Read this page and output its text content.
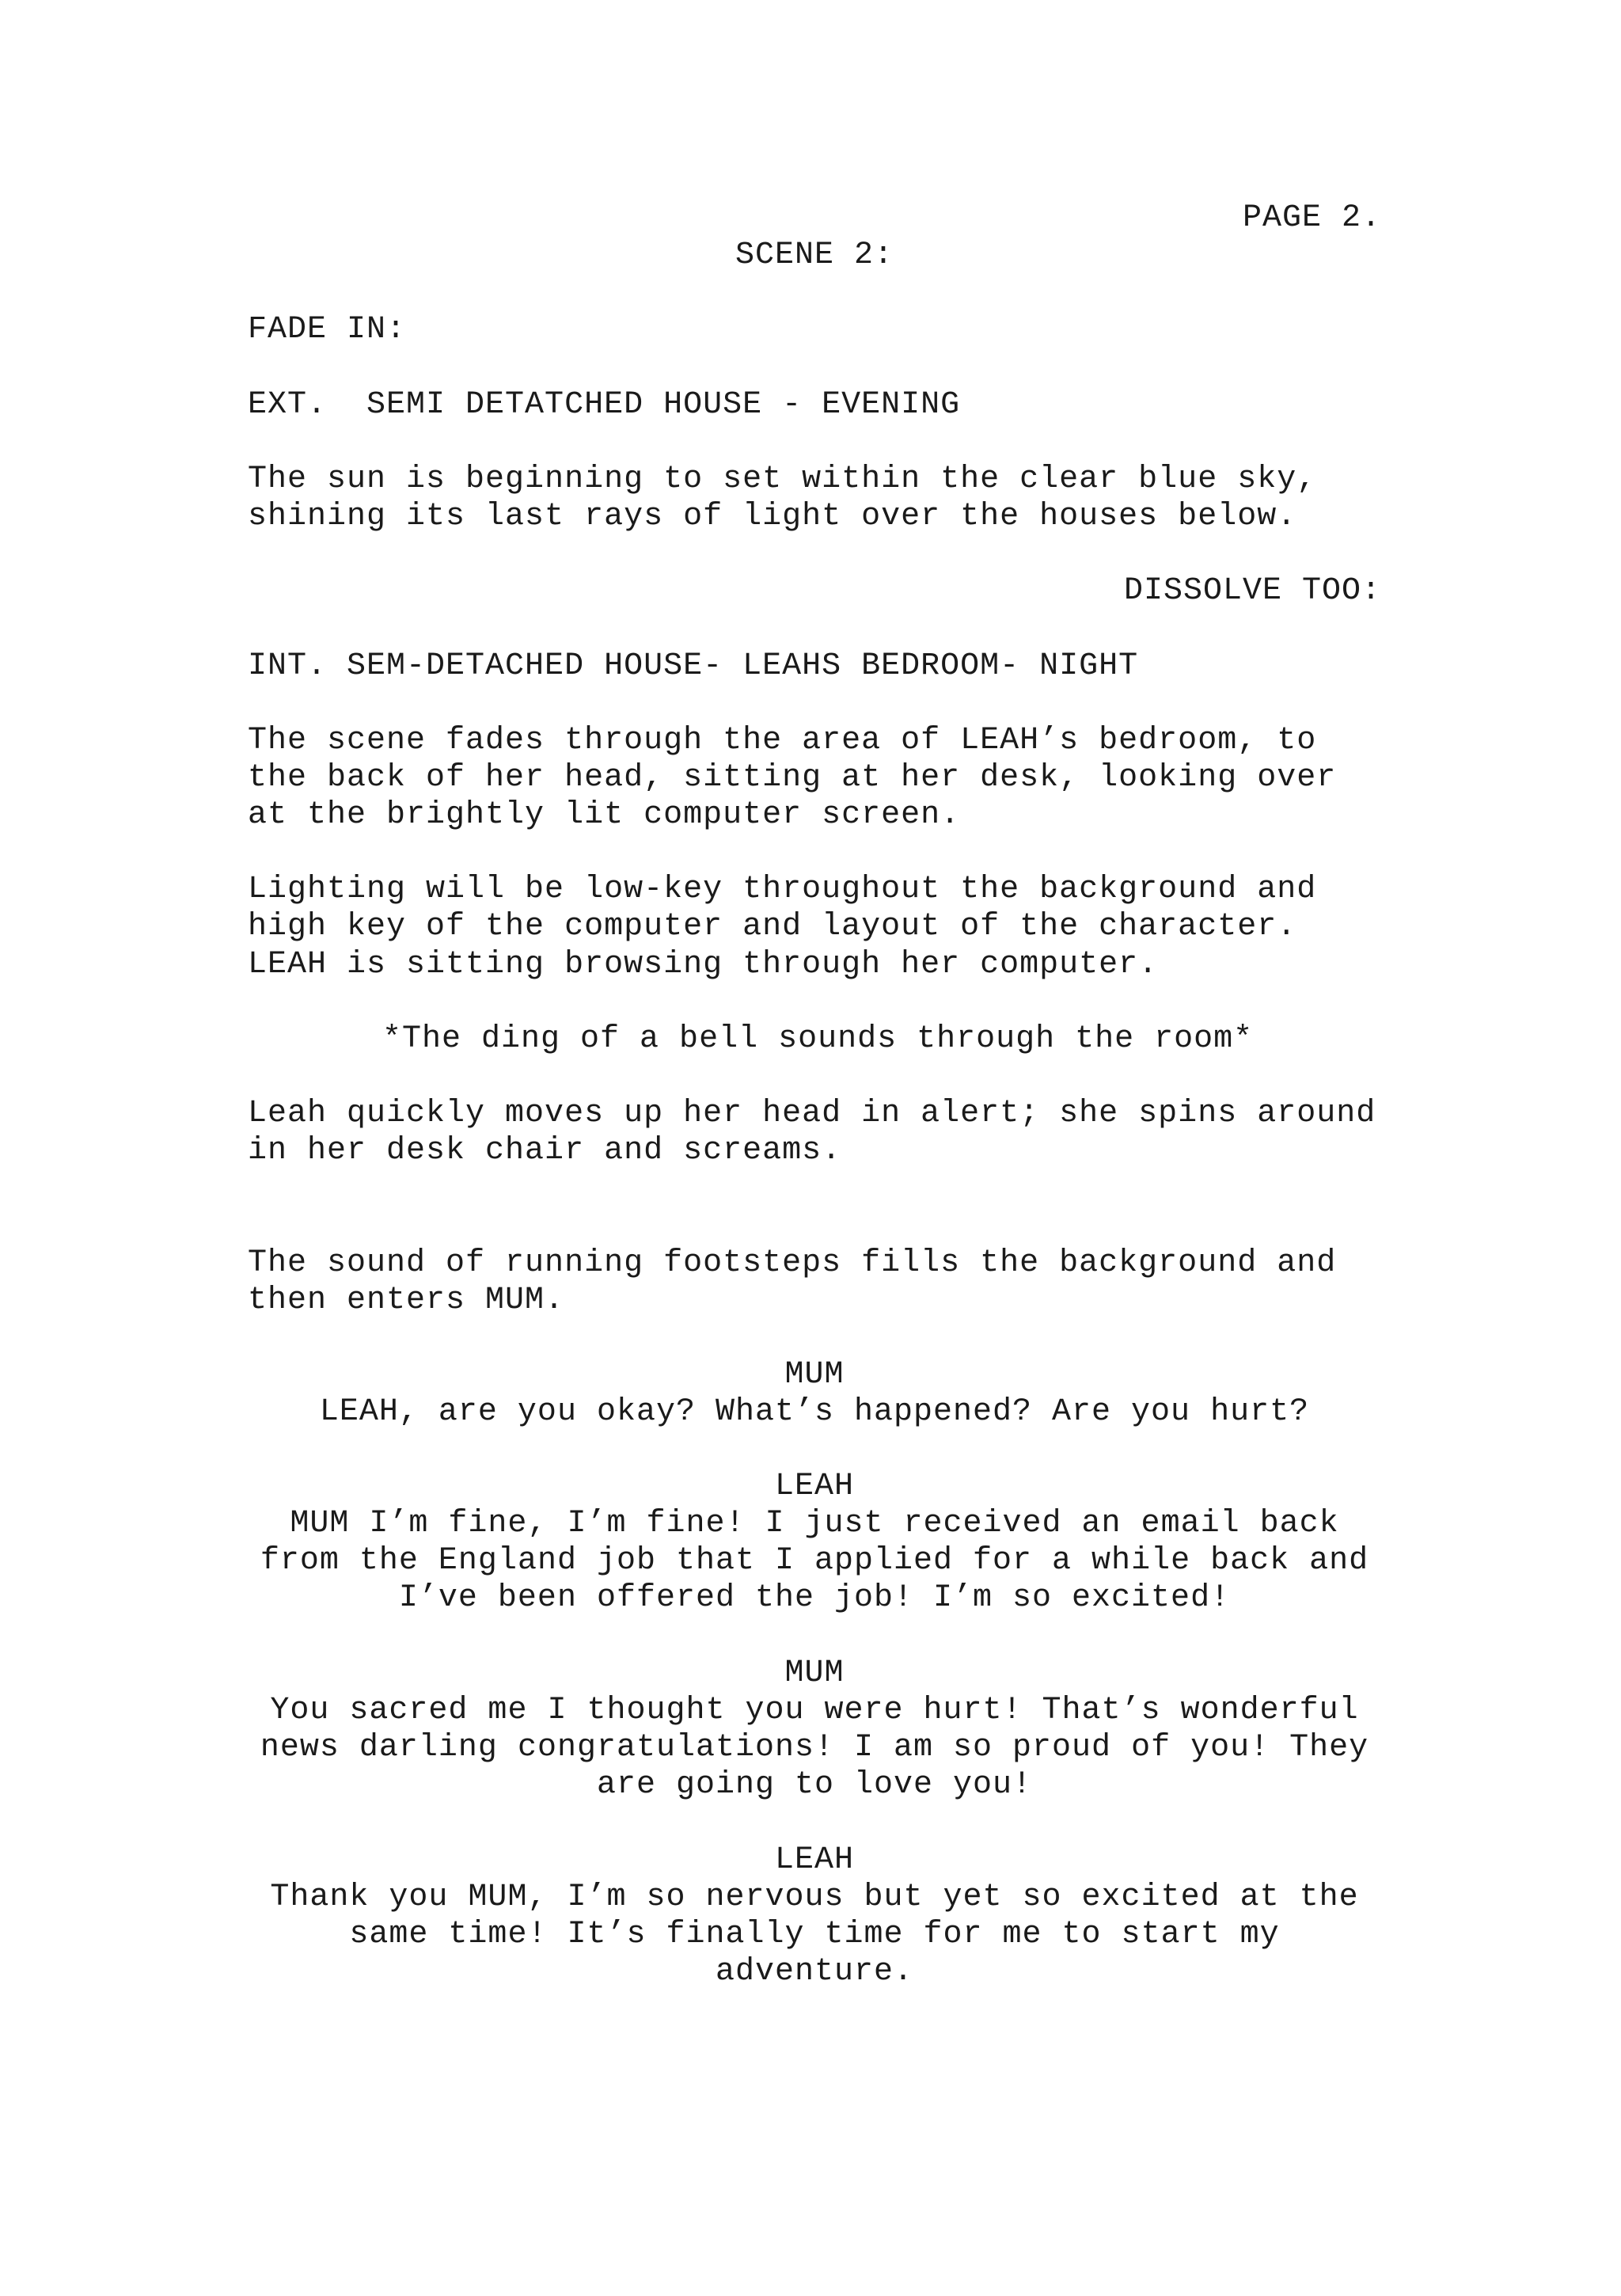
PAGE 2.
SCENE 2:
FADE IN:
EXT.  SEMI DETATCHED HOUSE - EVENING
The sun is beginning to set within the clear blue sky,
shining its last rays of light over the houses below.
DISSOLVE TOO:
INT. SEM-DETACHED HOUSE- LEAHS BEDROOM- NIGHT
The scene fades through the area of LEAH’s bedroom, to
the back of her head, sitting at her desk, looking over
at the brightly lit computer screen.
Lighting will be low-key throughout the background and
high key of the computer and layout of the character.
LEAH is sitting browsing through her computer.
*The ding of a bell sounds through the room*
Leah quickly moves up her head in alert; she spins around
in her desk chair and screams.
The sound of running footsteps fills the background and
then enters MUM.
MUM
LEAH, are you okay? What’s happened? Are you hurt?
LEAH
MUM I’m fine, I’m fine! I just received an email back
from the England job that I applied for a while back and
I’ve been offered the job! I’m so excited!
MUM
You sacred me I thought you were hurt! That’s wonderful
news darling congratulations! I am so proud of you! They
are going to love you!
LEAH
Thank you MUM, I’m so nervous but yet so excited at the
same time! It’s finally time for me to start my
adventure.
